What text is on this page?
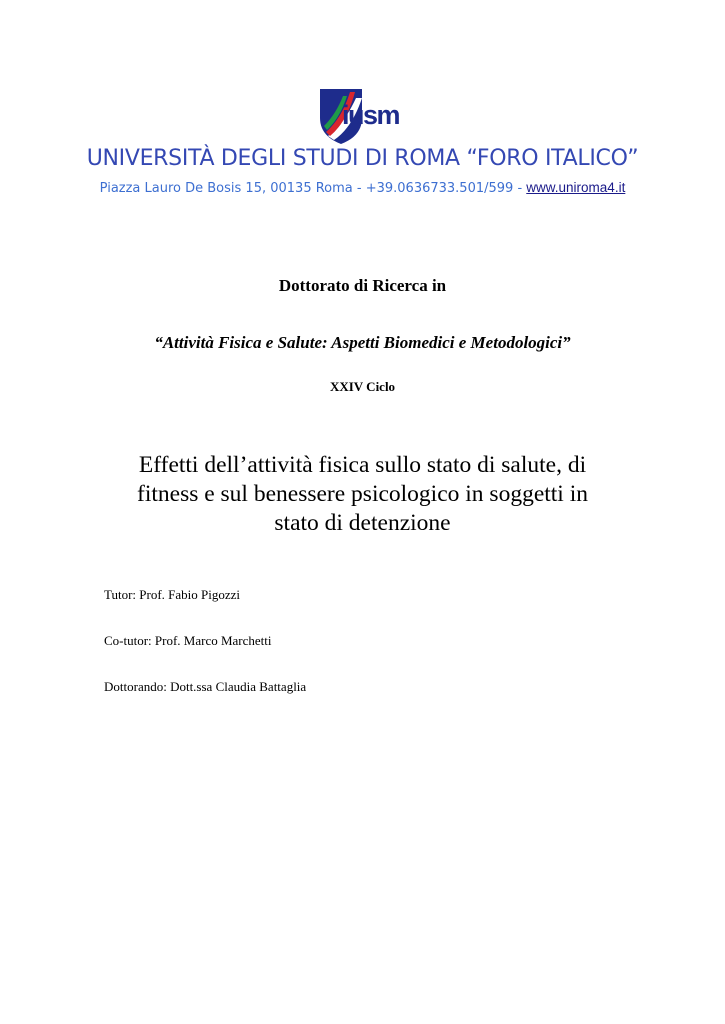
iusm
UNIVERSITÀ DEGLI STUDI DI ROMA “FORO ITALICO”
Piazza Lauro De Bosis 15, 00135 Roma - +39.0636733.501/599 - www.uniroma4.it
Dottorato di Ricerca in
“Attività Fisica e Salute: Aspetti Biomedici e Metodologici”
XXIV Ciclo
Effetti dell’attività fisica sullo stato di salute, di
fitness e sul benessere psicologico in soggetti in
stato di detenzione
Tutor: Prof. Fabio Pigozzi
Co-tutor: Prof. Marco Marchetti
Dottorando: Dott.ssa Claudia Battaglia
